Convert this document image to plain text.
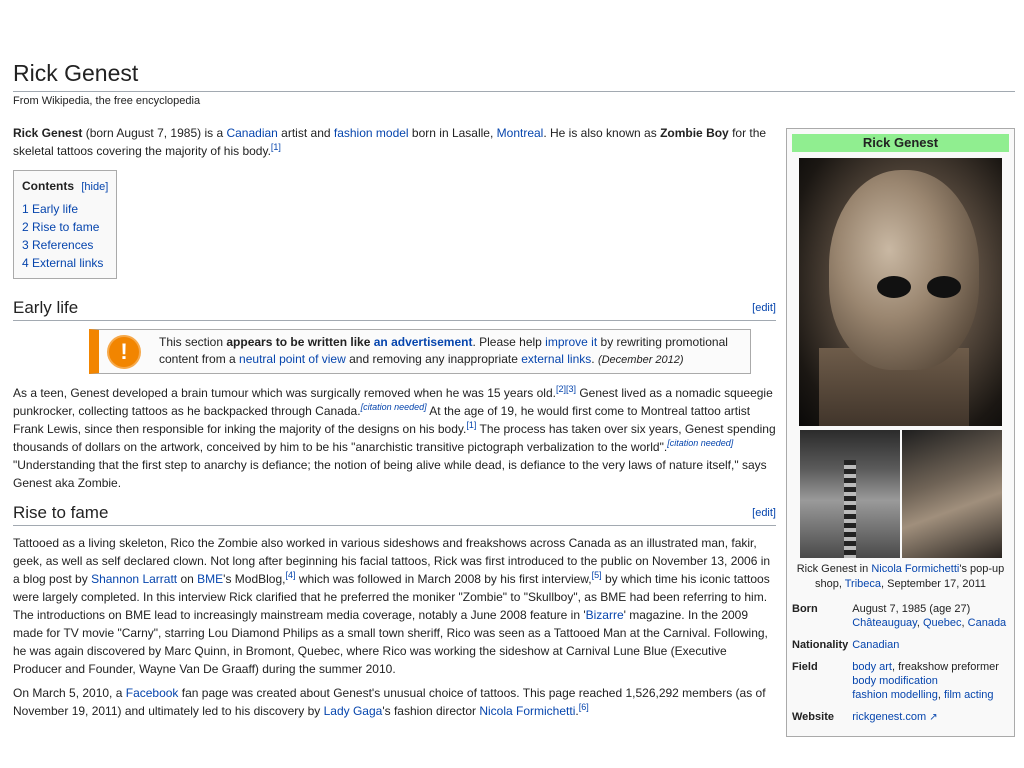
Rick Genest
From Wikipedia, the free encyclopedia

Rick Genest (born August 7, 1985) is a Canadian artist and fashion model born in Lasalle, Montreal. He is also known as Zombie Boy for the skeletal tattoos covering the majority of his body.[1]

Contents [hide]
1 Early life
2 Rise to fame
3 References
4 External links
Early life	[edit]
!	This section appears to be written like an advertisement. Please help improve it by rewriting promotional content from a neutral point of view and removing any inappropriate external links. (December 2012)

As a teen, Genest developed a brain tumour which was surgically removed when he was 15 years old.[2][3] Genest lived as a nomadic squeegie punkrocker, collecting tattoos as he backpacked through Canada.[citation needed] At the age of 19, he would first come to Montreal tattoo artist Frank Lewis, since then responsible for inking the majority of the designs on his body.[1] The process has taken over six years, Genest spending thousands of dollars on the artwork, conceived by him to be his "anarchistic transitive pictograph verbalization to the world".[citation needed] "Understanding that the first step to anarchy is defiance; the notion of being alive while dead, is defiance to the very laws of nature itself," says Genest aka Zombie.

Rise to fame	[edit]

Tattooed as a living skeleton, Rico the Zombie also worked in various sideshows and freakshows across Canada as an illustrated man, fakir, geek, as well as self declared clown. Not long after beginning his facial tattoos, Rick was first introduced to the public on November 13, 2006 in a blog post by Shannon Larratt on BME's ModBlog,[4] which was followed in March 2008 by his first interview,[5] by which time his iconic tattoos were largely completed. In this interview Rick clarified that he preferred the moniker "Zombie" to "Skullboy", as BME had been referring to him. The introductions on BME lead to increasingly mainstream media coverage, notably a June 2008 feature in 'Bizarre' magazine. In the 2009 made for TV movie "Carny", starring Lou Diamond Philips as a small town sheriff, Rico was seen as a Tattooed Man at the Carnival. Following, he was again discovered by Marc Quinn, in Bromont, Quebec, where Rico was working the sideshow at Carnival Lune Blue (Executive Producer and Founder, Wayne Van De Graaff) during the summer 2010.

On March 5, 2010, a Facebook fan page was created about Genest's unusual choice of tattoos. This page reached 1,526,292 members (as of November 19, 2011) and ultimately led to his discovery by Lady Gaga's fashion director Nicola Formichetti.[6]

Rick Genest
Rick Genest in Nicola Formichetti's pop-up shop, Tribeca, September 17, 2011
Born	August 7, 1985 (age 27)
Châteauguay, Quebec, Canada
Nationality	Canadian
Field	body art, freakshow preformer
body modification
fashion modelling, film acting
Website	rickgenest.com ↗
